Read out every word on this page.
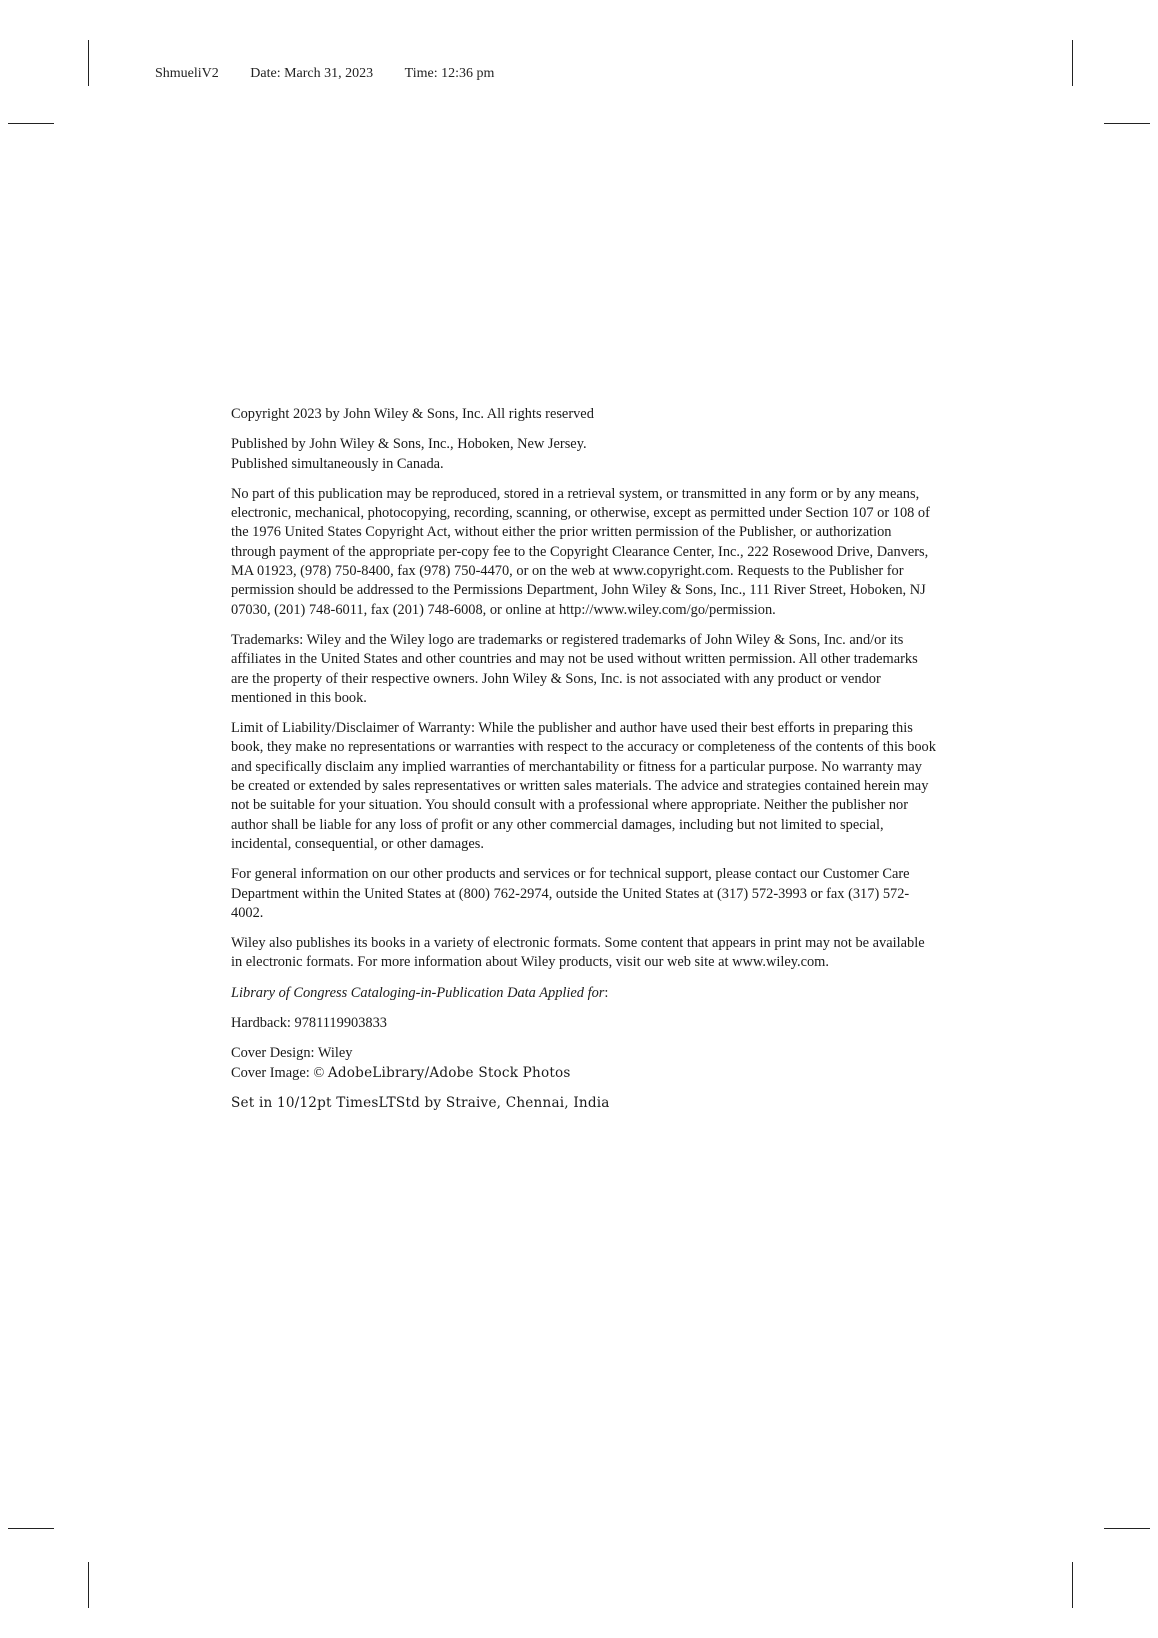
ShmueliV2 Date: March 31, 2023 Time: 12:36 pm

Copyright 2023 by John Wiley & Sons, Inc. All rights reserved

Published by John Wiley & Sons, Inc., Hoboken, New Jersey.
Published simultaneously in Canada.

No part of this publication may be reproduced, stored in a retrieval system, or transmitted in any form or by any means, electronic, mechanical, photocopying, recording, scanning, or otherwise, except as permitted under Section 107 or 108 of the 1976 United States Copyright Act, without either the prior written permission of the Publisher, or authorization through payment of the appropriate per-copy fee to the Copyright Clearance Center, Inc., 222 Rosewood Drive, Danvers, MA 01923, (978) 750-8400, fax (978) 750-4470, or on the web at www.copyright.com. Requests to the Publisher for permission should be addressed to the Permissions Department, John Wiley & Sons, Inc., 111 River Street, Hoboken, NJ 07030, (201) 748-6011, fax (201) 748-6008, or online at http://www.wiley.com/go/permission.

Trademarks: Wiley and the Wiley logo are trademarks or registered trademarks of John Wiley & Sons, Inc. and/or its affiliates in the United States and other countries and may not be used without written permission. All other trademarks are the property of their respective owners. John Wiley & Sons, Inc. is not associated with any product or vendor mentioned in this book.

Limit of Liability/Disclaimer of Warranty: While the publisher and author have used their best efforts in preparing this book, they make no representations or warranties with respect to the accuracy or completeness of the contents of this book and specifically disclaim any implied warranties of merchantability or fitness for a particular purpose. No warranty may be created or extended by sales representatives or written sales materials. The advice and strategies contained herein may not be suitable for your situation. You should consult with a professional where appropriate. Neither the publisher nor author shall be liable for any loss of profit or any other commercial damages, including but not limited to special, incidental, consequential, or other damages.

For general information on our other products and services or for technical support, please contact our Customer Care Department within the United States at (800) 762-2974, outside the United States at (317) 572-3993 or fax (317) 572-4002.

Wiley also publishes its books in a variety of electronic formats. Some content that appears in print may not be available in electronic formats. For more information about Wiley products, visit our web site at www.wiley.com.

Library of Congress Cataloging-in-Publication Data Applied for:

Hardback: 9781119903833

Cover Design: Wiley
Cover Image: © AdobeLibrary/Adobe Stock Photos

Set in 10/12pt TimesLTStd by Straive, Chennai, India
